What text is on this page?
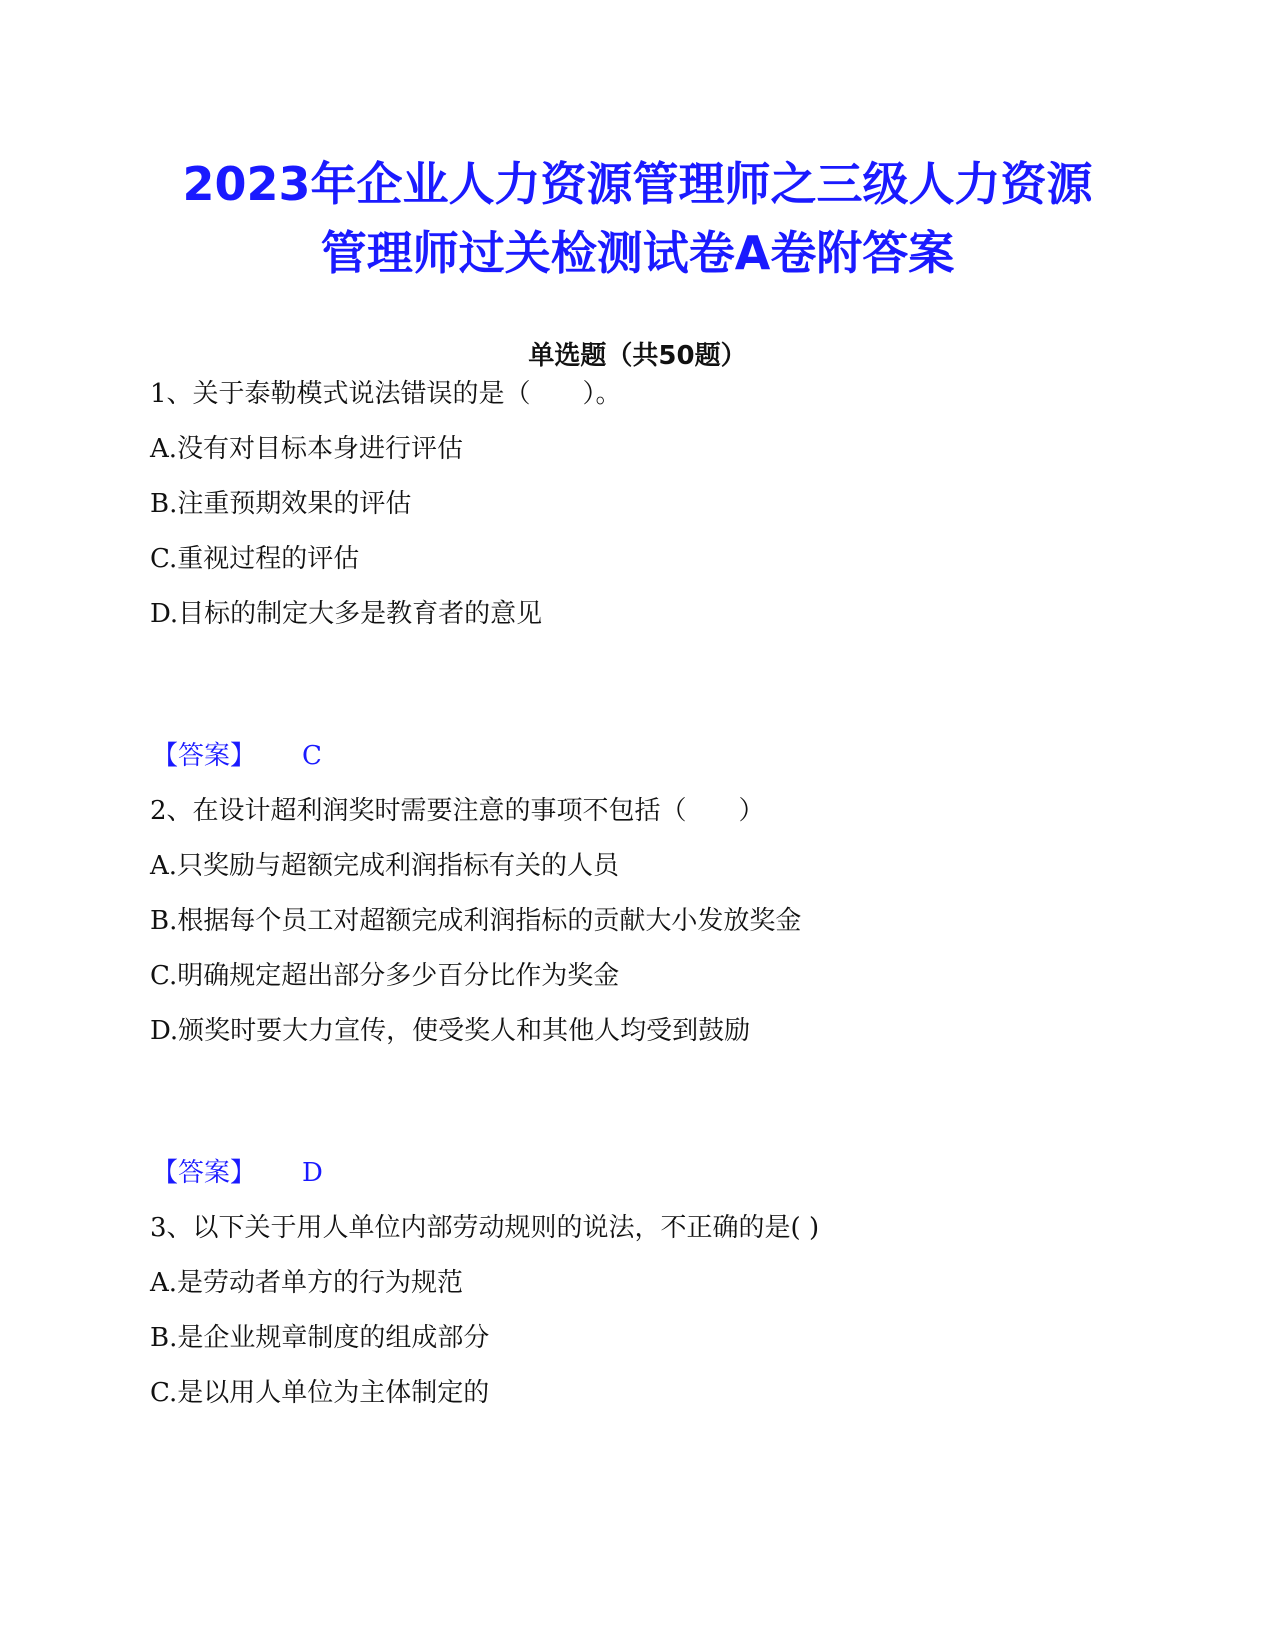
2023年企业人力资源管理师之三级人力资源
管理师过关检测试卷A卷附答案
单选题（共50题）
1、关于泰勒模式说法错误的是（　　）。
A.没有对目标本身进行评估
B.注重预期效果的评估
C.重视过程的评估
D.目标的制定大多是教育者的意见
【答案】 C
2、在设计超利润奖时需要注意的事项不包括（　　）
A.只奖励与超额完成利润指标有关的人员
B.根据每个员工对超额完成利润指标的贡献大小发放奖金
C.明确规定超出部分多少百分比作为奖金
D.颁奖时要大力宣传，使受奖人和其他人均受到鼓励
【答案】 D
3、以下关于用人单位内部劳动规则的说法，不正确的是( )
A.是劳动者单方的行为规范
B.是企业规章制度的组成部分
C.是以用人单位为主体制定的
